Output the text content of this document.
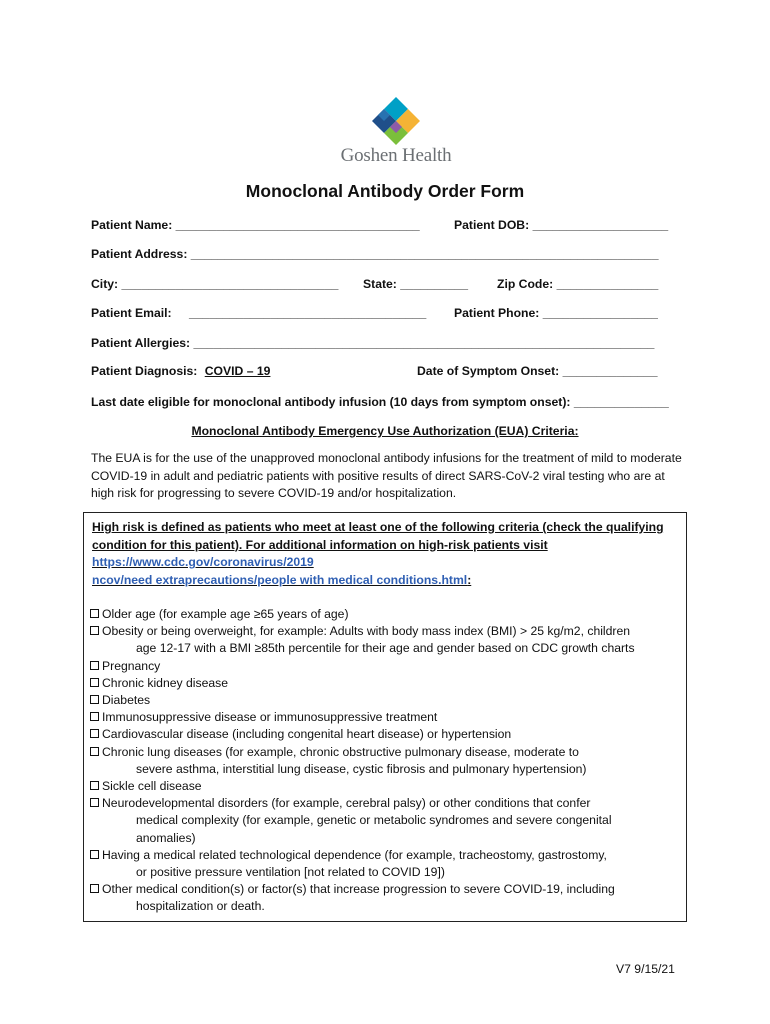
Goshen Health
Monoclonal Antibody Order Form
Patient Name: ____________________________________	Patient DOB: ____________________
Patient Address: _____________________________________________________________________
City: ________________________________ State: __________ Zip Code: _______________
Patient Email: ___________________________________ Patient Phone: _________________
Patient Allergies: ____________________________________________________________________
Patient Diagnosis: COVID – 19	Date of Symptom Onset: ______________
Last date eligible for monoclonal antibody infusion (10 days from symptom onset): ______________
Monoclonal Antibody Emergency Use Authorization (EUA) Criteria:
The EUA is for the use of the unapproved monoclonal antibody infusions for the treatment of mild to moderate COVID-19 in adult and pediatric patients with positive results of direct SARS-CoV-2 viral testing who are at high risk for progressing to severe COVID-19 and/or hospitalization.
High risk is defined as patients who meet at least one of the following criteria (check the qualifying condition for this patient). For additional information on high-risk patients visit
https://www.cdc.gov/coronavirus/2019
ncov/need extraprecautions/people with medical conditions.html:
Older age (for example age ≥65 years of age)
Obesity or being overweight, for example: Adults with body mass index (BMI) > 25 kg/m2, children
age 12-17 with a BMI ≥85th percentile for their age and gender based on CDC growth charts
Pregnancy
Chronic kidney disease
Diabetes
Immunosuppressive disease or immunosuppressive treatment
Cardiovascular disease (including congenital heart disease) or hypertension
Chronic lung diseases (for example, chronic obstructive pulmonary disease, moderate to
severe asthma, interstitial lung disease, cystic fibrosis and pulmonary hypertension)
Sickle cell disease
Neurodevelopmental disorders (for example, cerebral palsy) or other conditions that confer
medical complexity (for example, genetic or metabolic syndromes and severe congenital
anomalies)
Having a medical related technological dependence (for example, tracheostomy, gastrostomy,
or positive pressure ventilation [not related to COVID 19])
Other medical condition(s) or factor(s) that increase progression to severe COVID-19, including
hospitalization or death.
V7 9/15/21
